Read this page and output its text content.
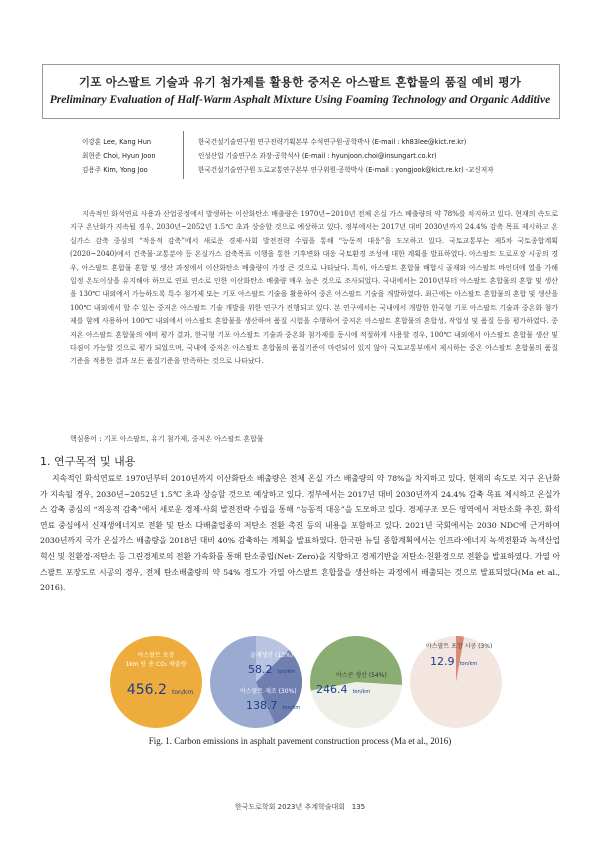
기포 아스팔트 기술과 유기 첨가제를 활용한 중저온 아스팔트 혼합물의 품질 예비 평가
Preliminary Evaluation of Half-Warm Asphalt Mixture Using Foaming Technology and Organic Additive
이강훈 Lee, Kang Hun	한국건설기술연구원 연구전략기획본부 수석연구원·공학박사 (E-mail : kh83lee@kict.re.kr)
최현준 Choi, Hyun Joon	인성산업 기술연구소 과장·공학석사 (E-mail : hyunjoon.choi@insungart.co.kr)
김용주 Kim, Yong Joo	한국건설기술연구원 도로교통연구본부 연구위원·공학박사 (E-mail : yongjook@kict.re.kr) -교신저자

지속적인 화석연료 사용과 산업공정에서 발생하는 이산화탄소 배출량은 1970년~2010년 전체 온실 가스 배출량의 약 78%를 차지하고 있다. 현재의 속도로 지구 온난화가 지속될 경우, 2030년~2052년 1.5℃ 초과 상승할 것으로 예상하고 있다. 정부에서는 2017년 대비 2030년까지 24.4% 감축 목표 제시하고 온실가스 감축 중심의 “적응적 감축”에서 새로운 경제·사회 발전전략 수립을 통해 “능동적 대응”을 도모하고 있다. 국토교통부는 제5차 국토종합계획(2020~2040)에서 건축물·교통분야 등 온실가스 감축목표 이행을 통한 기후변화 대응 국토환경 조성에 대한 계획을 발표하였다. 아스팔트 도로포장 시공의 경우, 아스팔트 혼합물 혼합 및 생산 과정에서 이산화탄소 배출량이 가장 큰 것으로 나타났다. 특히, 아스팔트 혼합물 배합시 골재와 아스팔트 바인더에 열을 가해 일정 온도이상을 유지해야 하므로 연료 연소로 인한 이산화탄소 배출량 매우 높은 것으로 조사되었다. 국내에서는 2010년부터 아스팔트 혼합물의 혼합 및 생산을 130℃ 내외에서 가능하도록 특수 첨가제 또는 기포 아스팔트 기술을 활용하여 중온 아스팔트 기술을 개발하였다. 최근에는 아스팔트 혼합물의 혼합 및 생산을 100℃ 내외에서 할 수 있는 중저온 아스팔트 기술 개발을 위한 연구가 진행되고 있다. 본 연구에서는 국내에서 개발한 한국형 기포 아스팔트 기술과 중온화 첨가제를 함께 사용하여 100℃ 내외에서 아스팔트 혼합물을 생산하여 품질 시험을 수행하여 중저온 아스팔트 혼합물의 혼합성, 작업성 및 품질 등을 평가하였다. 중저온 아스팔트 혼합물의 예비 평가 결과, 한국형 기포 아스팔트 기술과 중온화 첨가제를 동시에 적절하게 사용할 경우, 100℃ 내외에서 아스팔트 혼합물 생산 및 다짐이 가능할 것으로 평가 되었으며, 국내에 중저온 아스팔트 혼합물의 품질기준이 마련되어 있지 않아 국토교통부에서 제시하는 중온 아스팔트 혼합물의 품질기준을 적용한 결과 모든 품질기준을 만족하는 것으로 나타났다.

핵심용어 : 기포 아스팔트, 유기 첨가제, 중저온 아스팔트 혼합물
1. 연구목적 및 내용

지속적인 화석연료로 1970년부터 2010년까지 이산화탄소 배출량은 전체 온실 가스 배출량의 약 78%을 차지하고 있다. 현재의 속도로 지구 온난화가 지속될 경우, 2030년~2052년 1.5℃ 초과 상승할 것으로 예상하고 있다. 정부에서는 2017년 대비 2030년까지 24.4% 감축 목표 제시하고 온실가스 감축 중심의 “적응적 감축”에서 새로운 경제·사회 발전전략 수립을 통해 “능동적 대응”을 도모하고 있다. 경제구조 모든 영역에서 저탄소화 추진, 화석연료 중심에서 신재생에너지로 전환 및 탄소 다배출업종의 저탄소 전환 촉진 등의 내용을 포함하고 있다. 2021년 국회에서는 2030 NDC에 근거하여 2030년까지 국가 온실가스 배출량을 2018년 대비 40% 감축하는 계획을 발표하였다. 한국판 뉴딜 종합계획에서는 인프라·에너지 녹색전환과 녹색산업 혁신 및 친환경·저탄소 등 그린경제로의 전환 가속화를 통해 탄소중립(Net- Zero)을 지향하고 경제기반을 저탄소·친환경으로 전환을 발표하였다. 가열 아스팔트 포장도로 시공의 경우, 전체 탄소배출량의 약 54% 정도가 가열 아스팔트 혼합물을 생산하는 과정에서 배출되는 것으로 발표되었다(Ma et al., 2016).

아스팔트 포장
1km 당 총 CO₂ 배출량
456.2 ton/km
골재생산 (13%)
58.2 ton/km
아스팔트 제조 (30%)
138.7 ton/km
아스콘 생산 (54%)
246.4 ton/km
아스팔트 포장 시공 (3%)
12.9 ton/km
Fig. 1. Carbon emissions in asphalt pavement construction process (Ma et al., 2016)
한국도로학회 2023년 추계학술대회 135
